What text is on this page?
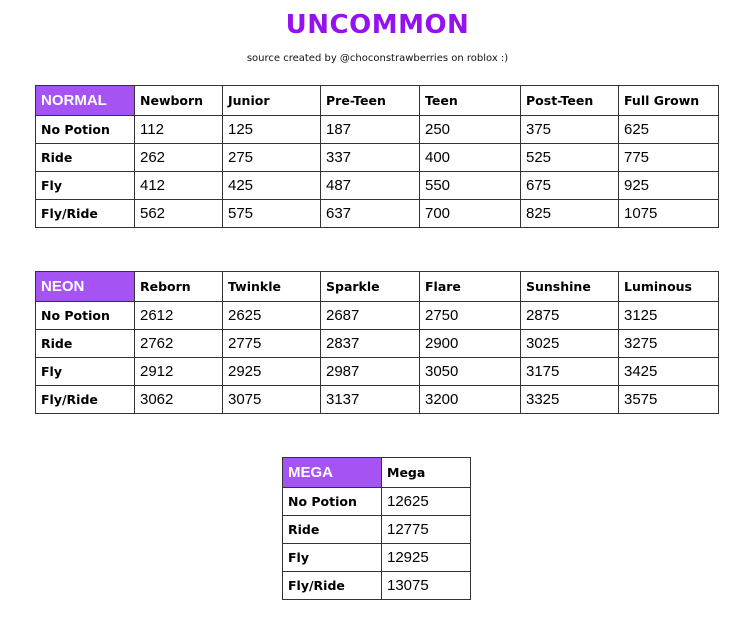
UNCOMMON
source created by @choconstrawberries on roblox :)
NORMAL	Newborn	Junior	Pre-Teen	Teen	Post-Teen	Full Grown
No Potion	112	125	187	250	375	625
Ride	262	275	337	400	525	775
Fly	412	425	487	550	675	925
Fly/Ride	562	575	637	700	825	1075
NEON	Reborn	Twinkle	Sparkle	Flare	Sunshine	Luminous
No Potion	2612	2625	2687	2750	2875	3125
Ride	2762	2775	2837	2900	3025	3275
Fly	2912	2925	2987	3050	3175	3425
Fly/Ride	3062	3075	3137	3200	3325	3575
MEGA	Mega
No Potion	12625
Ride	12775
Fly	12925
Fly/Ride	13075
